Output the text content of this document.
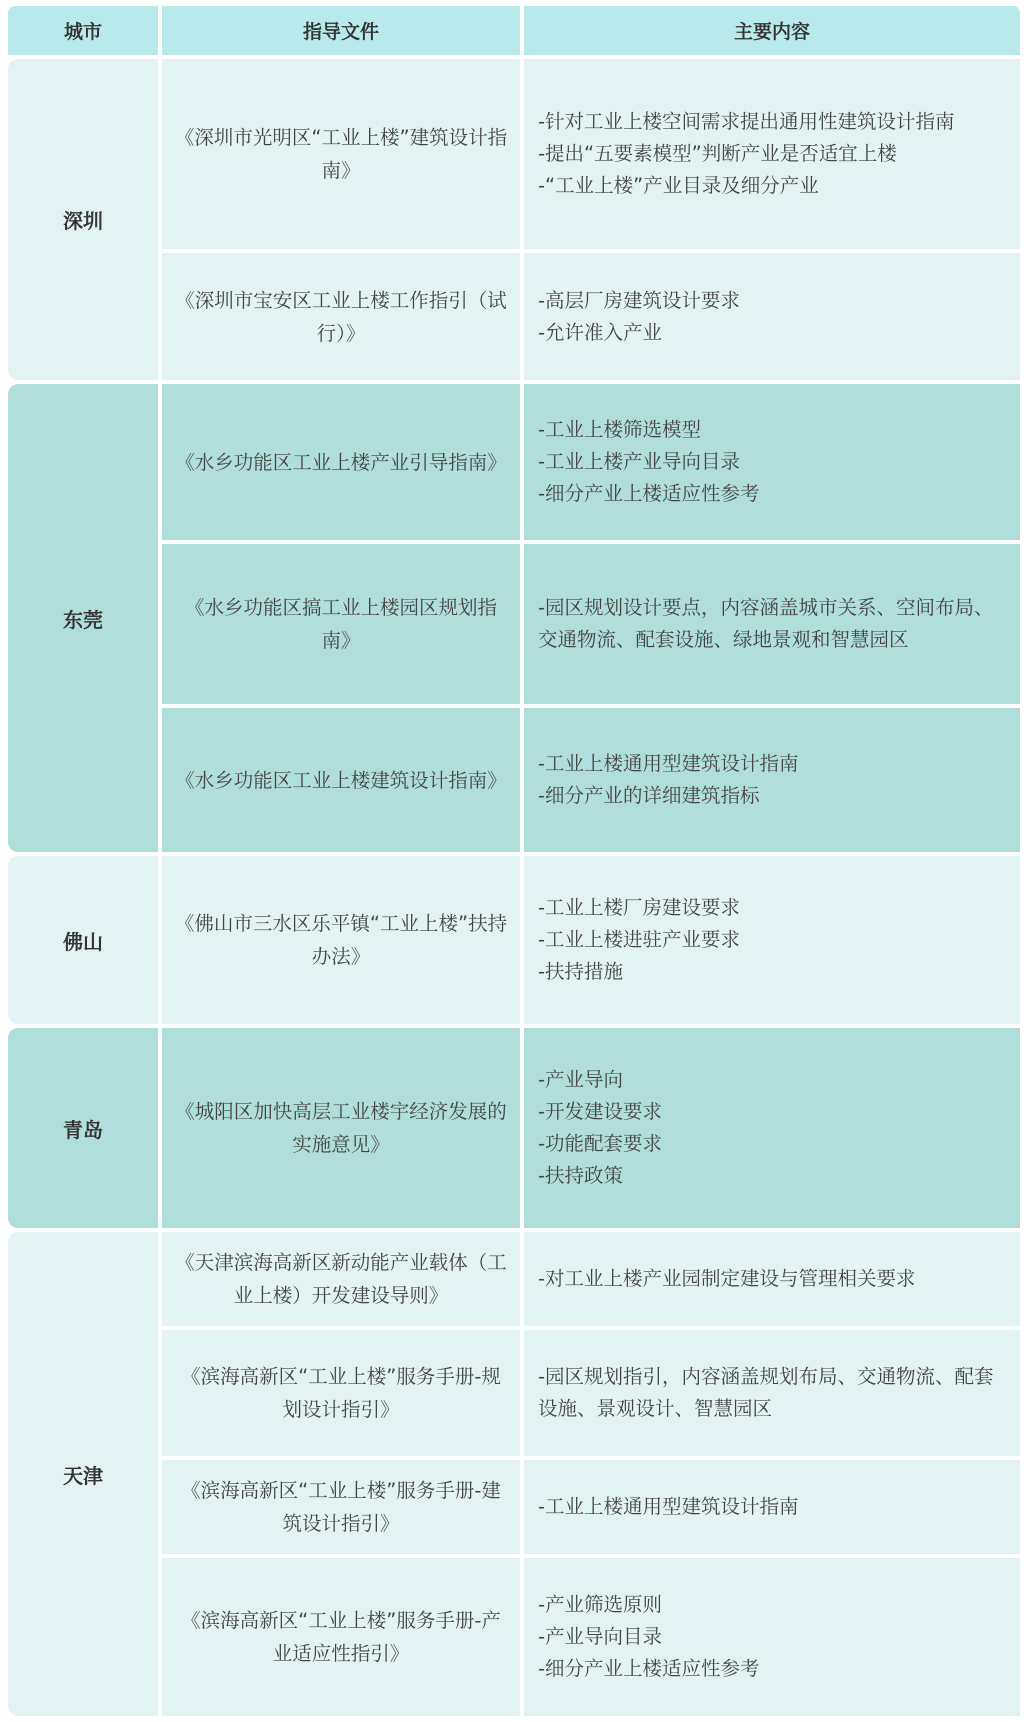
城市	指导文件	主要内容
深圳
《深圳市光明区“工业上楼”建筑设计指南》
-针对工业上楼空间需求提出通用性建筑设计指南
-提出“五要素模型”判断产业是否适宜上楼
-“工业上楼”产业目录及细分产业
《深圳市宝安区工业上楼工作指引（试行）》
-高层厂房建筑设计要求
-允许准入产业
东莞
《水乡功能区工业上楼产业引导指南》
-工业上楼筛选模型
-工业上楼产业导向目录
-细分产业上楼适应性参考
《水乡功能区搞工业上楼园区规划指南》
-园区规划设计要点，内容涵盖城市关系、空间布局、交通物流、配套设施、绿地景观和智慧园区
《水乡功能区工业上楼建筑设计指南》
-工业上楼通用型建筑设计指南
-细分产业的详细建筑指标
佛山
《佛山市三水区乐平镇“工业上楼”扶持办法》
-工业上楼厂房建设要求
-工业上楼进驻产业要求
-扶持措施
青岛
《城阳区加快高层工业楼宇经济发展的实施意见》
-产业导向
-开发建设要求
-功能配套要求
-扶持政策
天津
《天津滨海高新区新动能产业载体（工业上楼）开发建设导则》
-对工业上楼产业园制定建设与管理相关要求
《滨海高新区“工业上楼”服务手册-规划设计指引》
-园区规划指引，内容涵盖规划布局、交通物流、配套设施、景观设计、智慧园区
《滨海高新区“工业上楼”服务手册-建筑设计指引》
-工业上楼通用型建筑设计指南
《滨海高新区“工业上楼”服务手册-产业适应性指引》
-产业筛选原则
-产业导向目录
-细分产业上楼适应性参考
